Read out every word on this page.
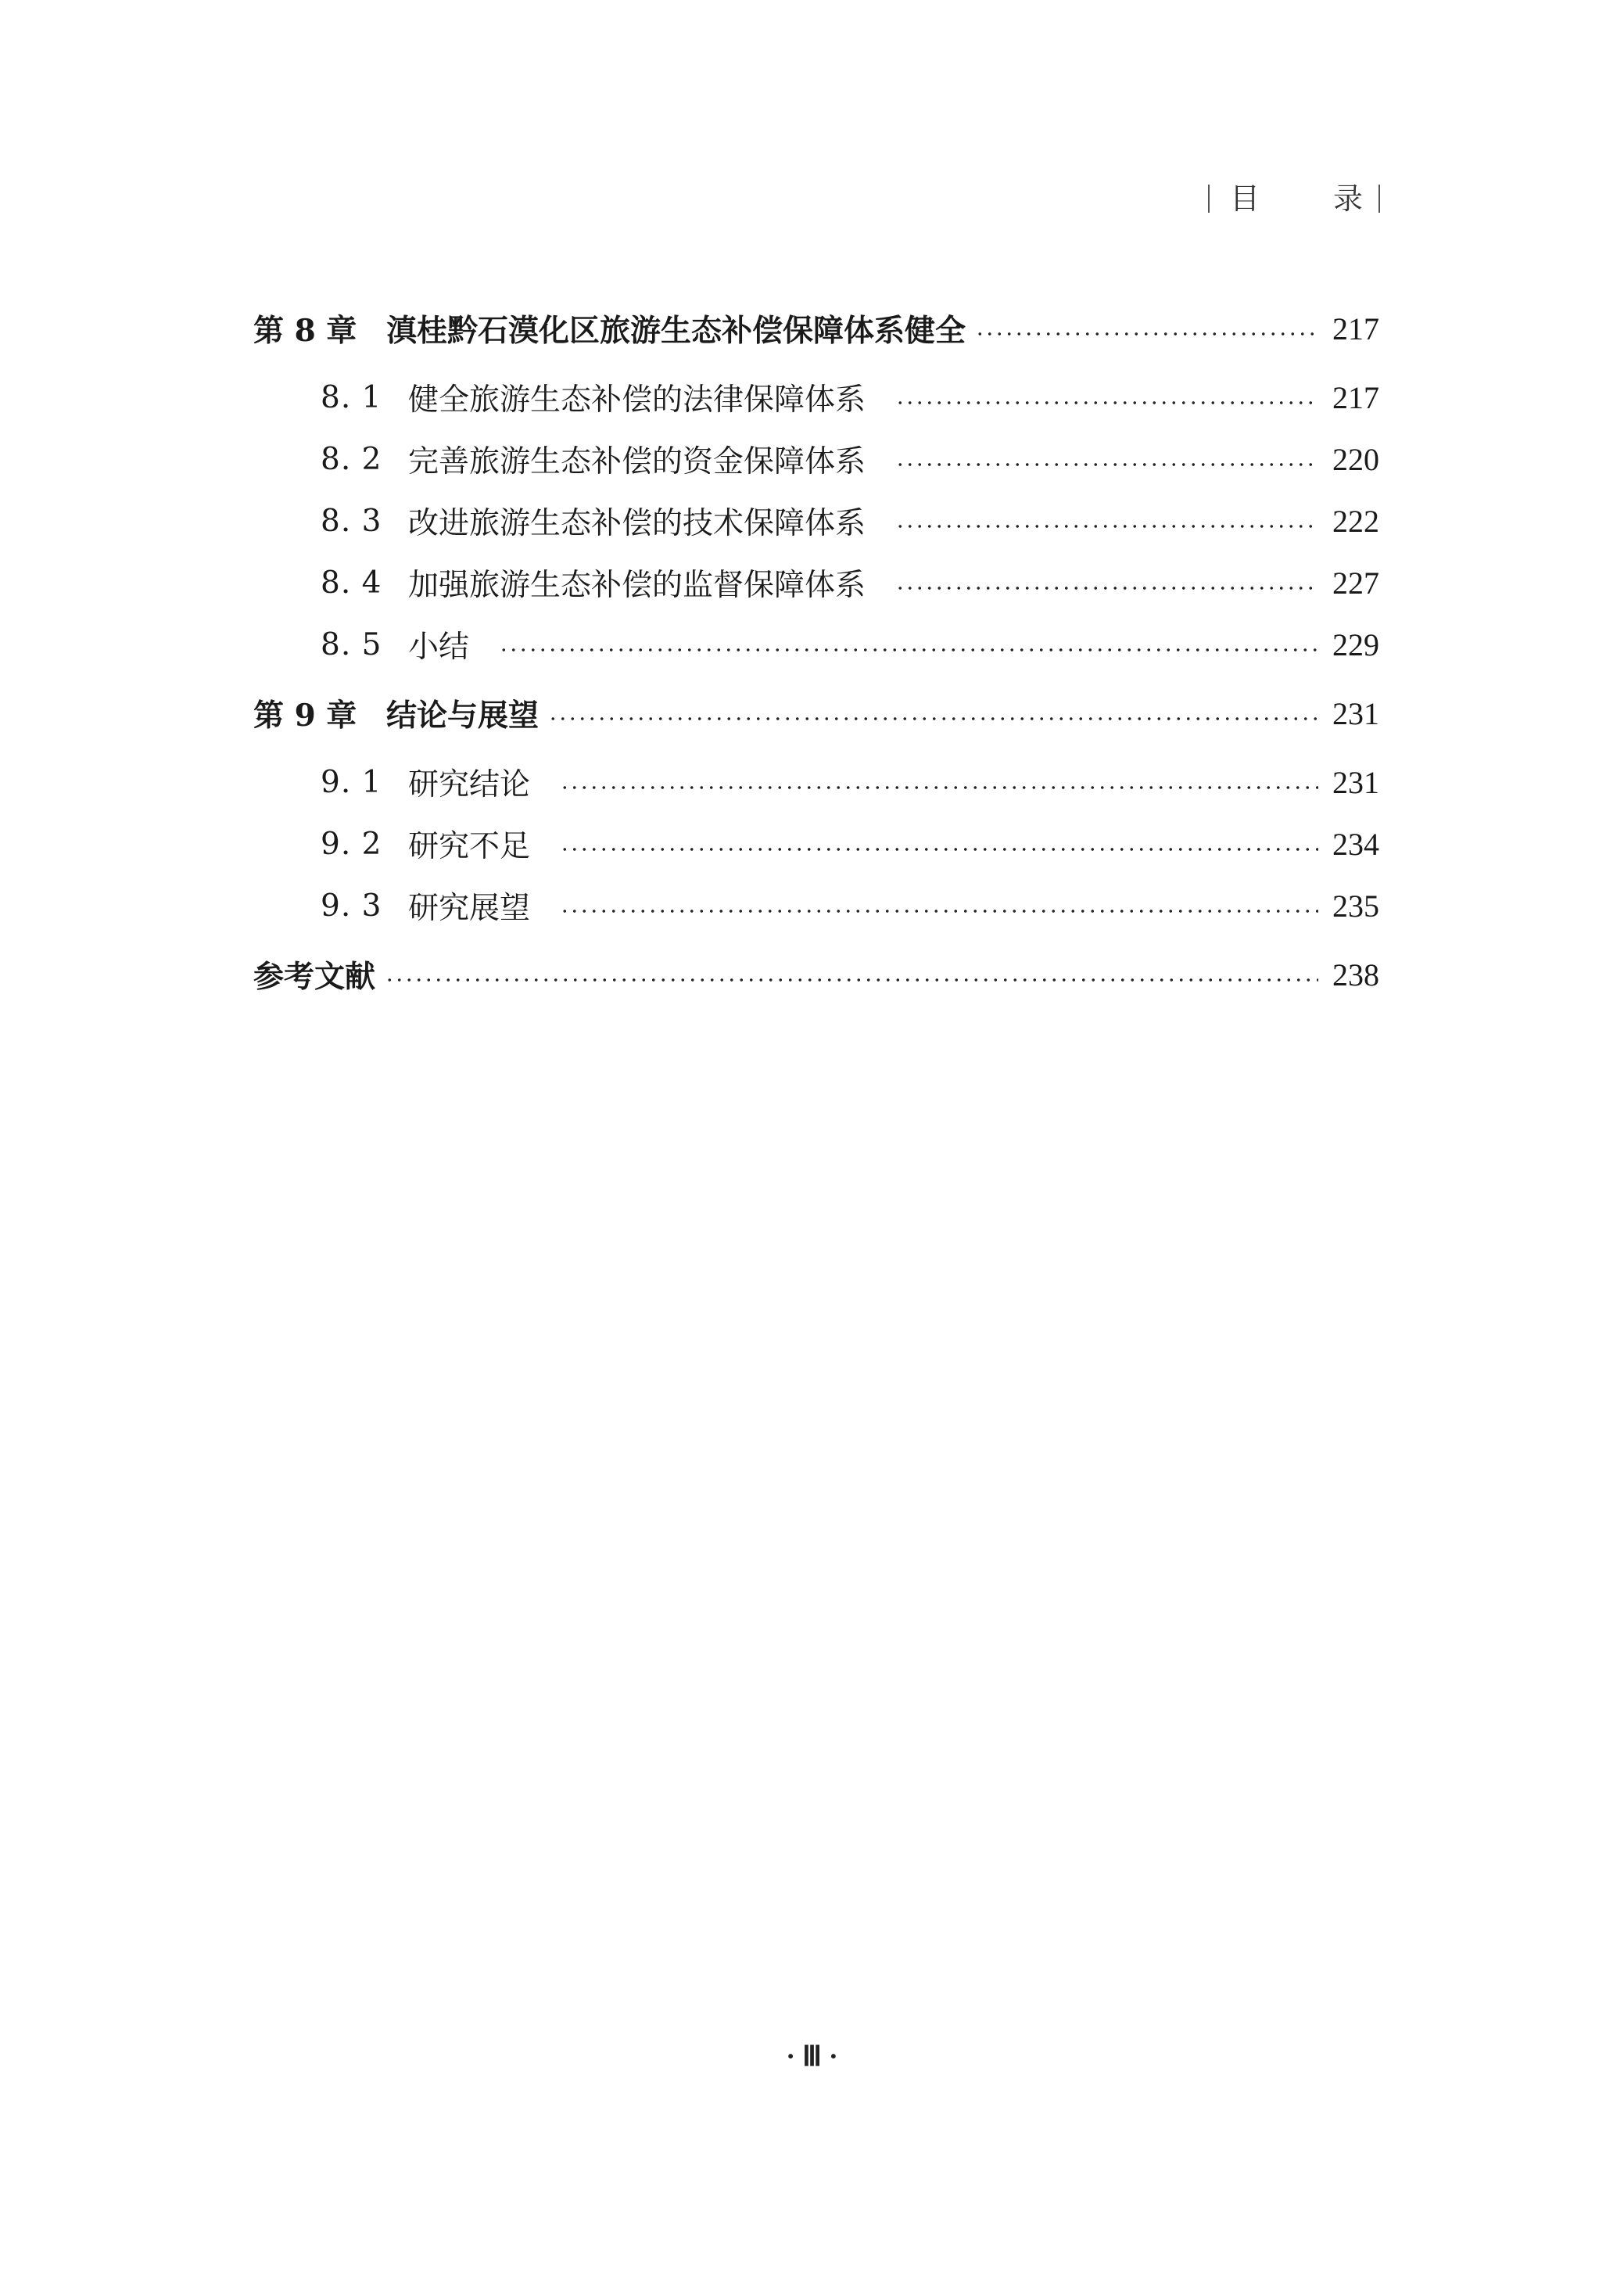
目 录
第 8 章 滇桂黔石漠化区旅游生态补偿保障体系健全	217
8. 1 健全旅游生态补偿的法律保障体系	217
8. 2 完善旅游生态补偿的资金保障体系	220
8. 3 改进旅游生态补偿的技术保障体系	222
8. 4 加强旅游生态补偿的监督保障体系	227
8. 5 小结	229
第 9 章 结论与展望	231
9. 1 研究结论	231
9. 2 研究不足	234
9. 3 研究展望	235
参考文献	238
· Ⅲ ·
